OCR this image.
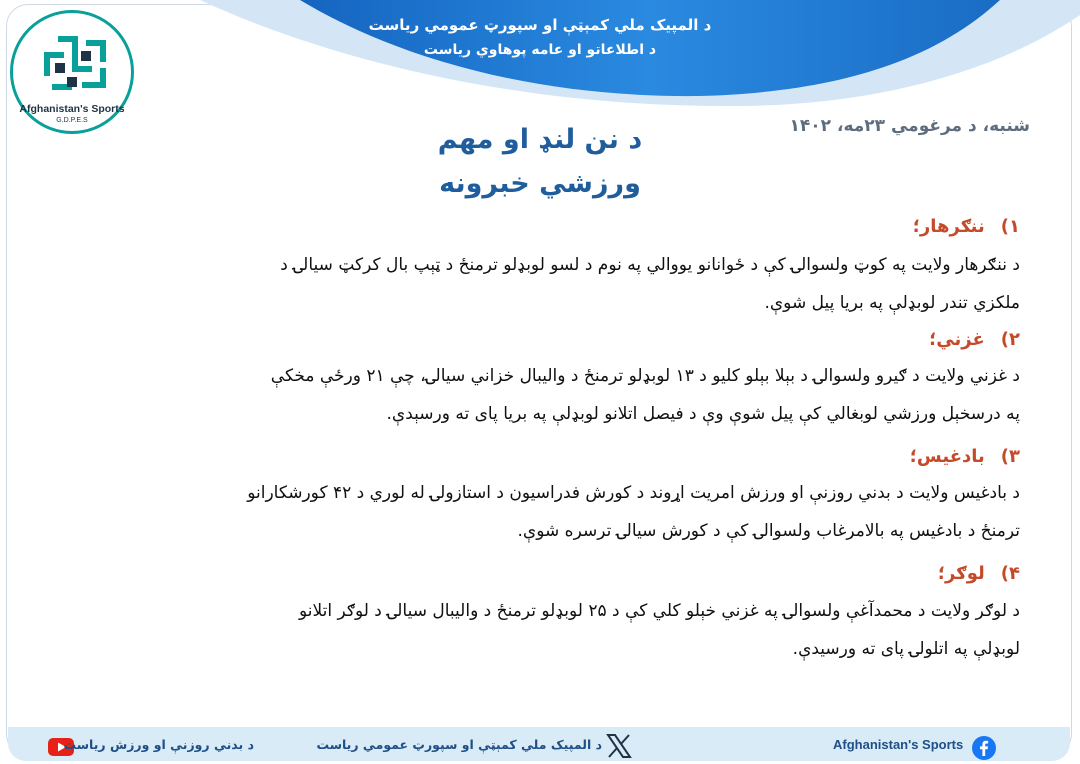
د المپيک ملي کمېټې او سپورټ عمومي رياست
د اطلاعاتو او عامه پوهاوي رياست
Afghanistan's Sports
G.D.P.E.S	شنبه، د مرغومي ۲۳مه، ۱۴۰۲
د نن لنډ او مهم
ورزشي خبرونه
۱)ننګرهار؛
د ننګرهار ولایت په کوټ ولسوالۍ کې د ځوانانو یووالي په نوم د لسو لوبډلو ترمنځ د ټېپ بال کرکټ سیالۍ د
ملکزي تندر لوبډلې په بریا پیل شوې.
۲)غزني؛
د غزني ولایت د ګیرو ولسوالۍ د بېلا بېلو کلیو د ۱۳ لوبډلو ترمنځ د والیبال خزاني سیالۍ، چې ۲۱ ورځې مخکې
په درسخېل ورزشي لوبغالي کې پیل شوې وې د فیصل اتلانو لوبډلې په بریا پای ته ورسېدې.
۳)بادغیس؛
د بادغیس ولایت د بدني روزنې او ورزش امریت اړوند د کورش فدراسیون د استازولۍ له لوري د ۴۲ کورشکارانو
ترمنځ د بادغیس په بالامرغاب ولسوالۍ کې د کورش سیالۍ ترسره شوې.
۴)لوګر؛
د لوګر ولایت د محمدآغې ولسوالۍ په غزني خېلو کلي کې د ۲۵ لوبډلو ترمنځ د والیبال سیالۍ د لوګر اتلانو
لوبډلې په اتلولۍ پای ته ورسیدې.
د بدني روزنې او ورزش رياست	د المپيک ملي کمېټې او سپورټ عمومي رياست	Afghanistan's Sports
